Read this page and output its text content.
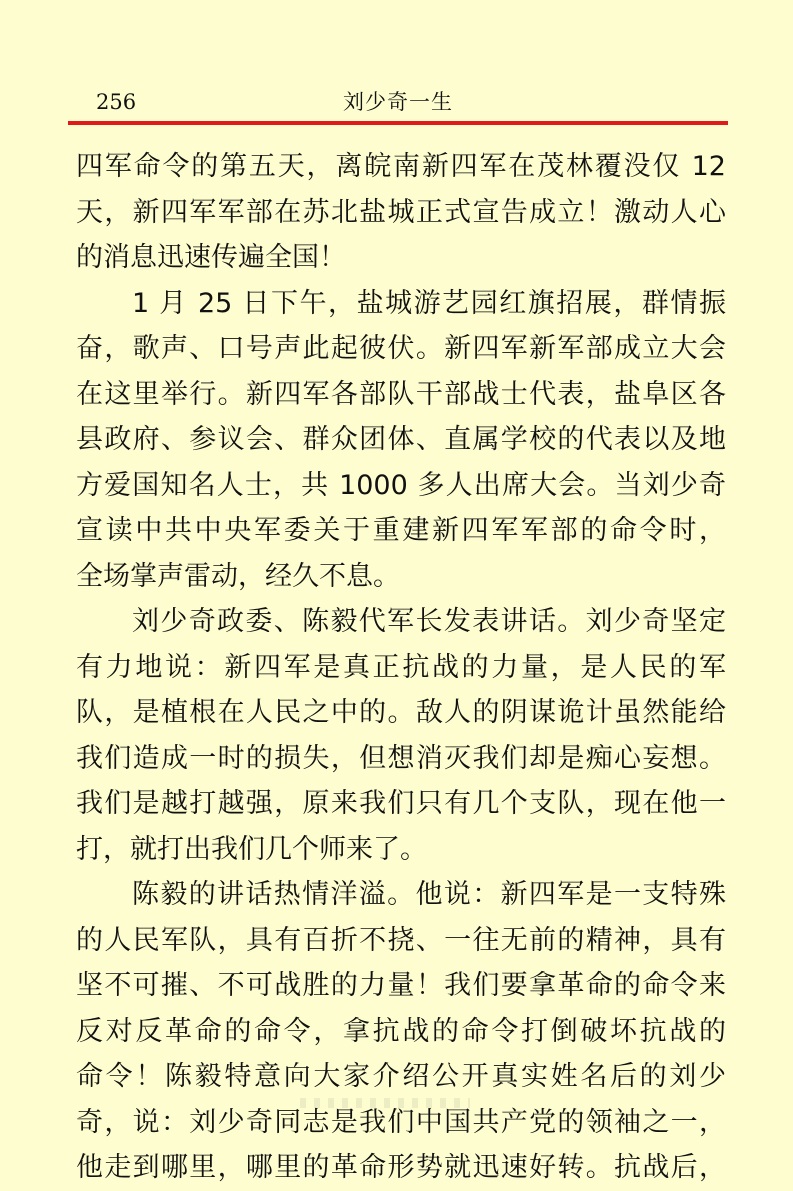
256	刘少奇一生
四军命令的第五天，离皖南新四军在茂林覆没仅 12
天，新四军军部在苏北盐城正式宣告成立！激动人心
的消息迅速传遍全国！
1 月 25 日下午，盐城游艺园红旗招展，群情振
奋，歌声、口号声此起彼伏。新四军新军部成立大会
在这里举行。新四军各部队干部战士代表，盐阜区各
县政府、参议会、群众团体、直属学校的代表以及地
方爱国知名人士，共 1000 多人出席大会。当刘少奇
宣读中共中央军委关于重建新四军军部的命令时，
全场掌声雷动，经久不息。
刘少奇政委、陈毅代军长发表讲话。刘少奇坚定
有力地说：新四军是真正抗战的力量，是人民的军
队，是植根在人民之中的。敌人的阴谋诡计虽然能给
我们造成一时的损失，但想消灭我们却是痴心妄想。
我们是越打越强，原来我们只有几个支队，现在他一
打，就打出我们几个师来了。
陈毅的讲话热情洋溢。他说：新四军是一支特殊
的人民军队，具有百折不挠、一往无前的精神，具有
坚不可摧、不可战胜的力量！我们要拿革命的命令来
反对反革命的命令，拿抗战的命令打倒破坏抗战的
命令！陈毅特意向大家介绍公开真实姓名后的刘少
奇，说：刘少奇同志是我们中国共产党的领袖之一，
他走到哪里，哪里的革命形势就迅速好转。抗战后，
